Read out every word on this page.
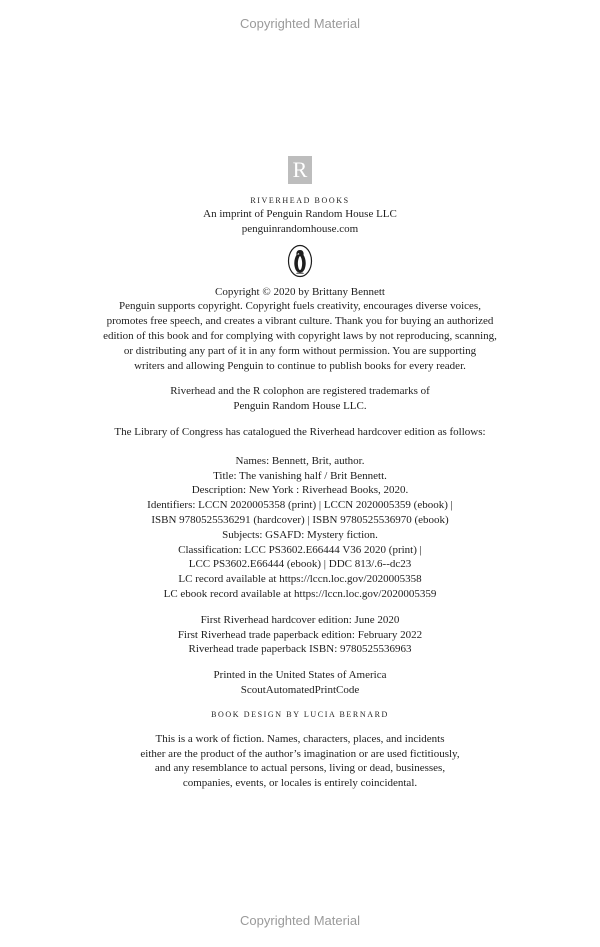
Copyrighted Material
R
RIVERHEAD BOOKS
An imprint of Penguin Random House LLC
penguinrandomhouse.com
Copyright © 2020 by Brittany Bennett
Penguin supports copyright. Copyright fuels creativity, encourages diverse voices,
promotes free speech, and creates a vibrant culture. Thank you for buying an authorized
edition of this book and for complying with copyright laws by not reproducing, scanning,
or distributing any part of it in any form without permission. You are supporting
writers and allowing Penguin to continue to publish books for every reader.
Riverhead and the R colophon are registered trademarks of
Penguin Random House LLC.
The Library of Congress has catalogued the Riverhead hardcover edition as follows:
Names: Bennett, Brit, author.
Title: The vanishing half / Brit Bennett.
Description: New York : Riverhead Books, 2020.
Identifiers: LCCN 2020005358 (print) | LCCN 2020005359 (ebook) |
ISBN 9780525536291 (hardcover) | ISBN 9780525536970 (ebook)
Subjects: GSAFD: Mystery fiction.
Classification: LCC PS3602.E66444 V36 2020 (print) |
LCC PS3602.E66444 (ebook) | DDC 813/.6--dc23
LC record available at https://lccn.loc.gov/2020005358
LC ebook record available at https://lccn.loc.gov/2020005359
First Riverhead hardcover edition: June 2020
First Riverhead trade paperback edition: February 2022
Riverhead trade paperback ISBN: 9780525536963
Printed in the United States of America
ScoutAutomatedPrintCode
BOOK DESIGN BY LUCIA BERNARD
This is a work of fiction. Names, characters, places, and incidents
either are the product of the author’s imagination or are used fictitiously,
and any resemblance to actual persons, living or dead, businesses,
companies, events, or locales is entirely coincidental.
Copyrighted Material
